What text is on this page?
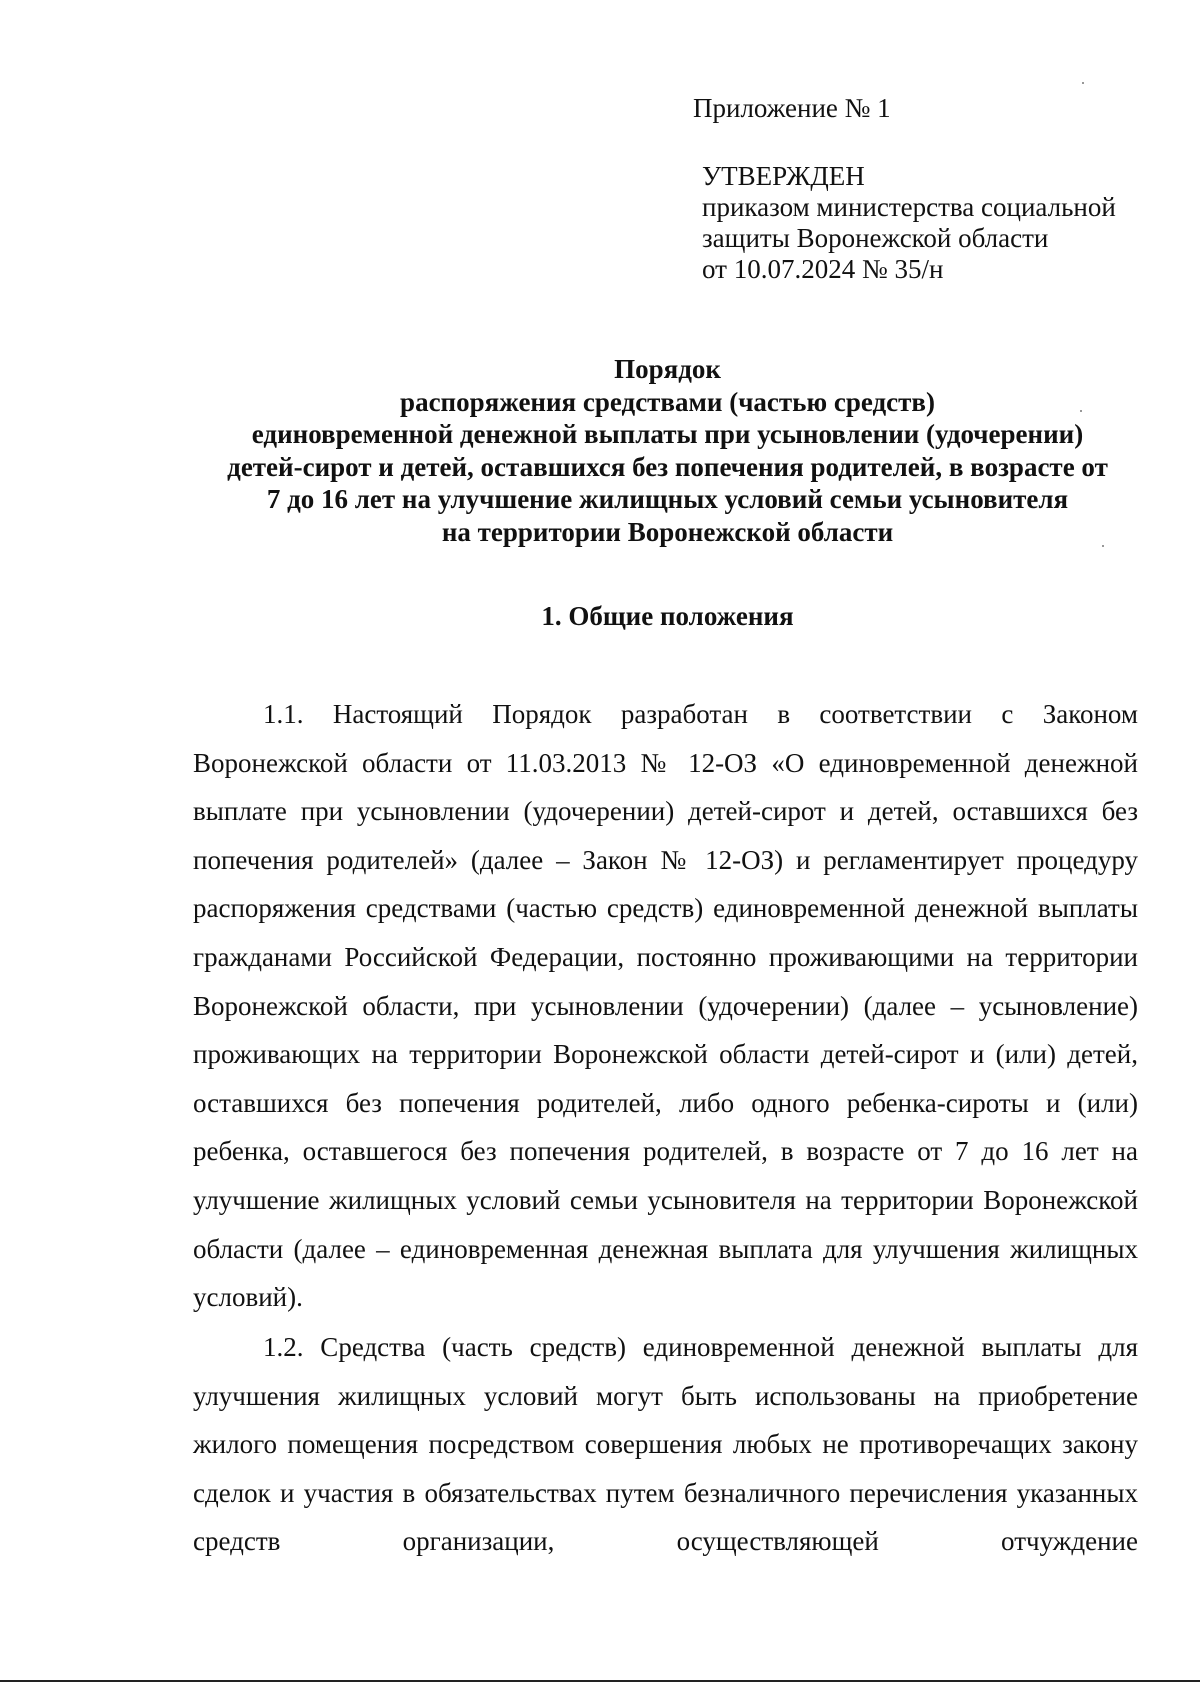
Приложение № 1
УТВЕРЖДЕН
приказом министерства социальной
защиты Воронежской области
от 10.07.2024 № 35/н
Порядок
распоряжения средствами (частью средств)
единовременной денежной выплаты при усыновлении (удочерении)
детей-сирот и детей, оставшихся без попечения родителей, в возрасте от
7 до 16 лет на улучшение жилищных условий семьи усыновителя
на территории Воронежской области
1. Общие положения

1.1. Настоящий Порядок разработан в соответствии с Законом Воронежской области от 11.03.2013 № 12-ОЗ «О единовременной денежной выплате при усыновлении (удочерении) детей-сирот и детей, оставшихся без попечения родителей» (далее – Закон № 12-ОЗ) и регламентирует процедуру распоряжения средствами (частью средств) единовременной денежной выплаты гражданами Российской Федерации, постоянно проживающими на территории Воронежской области, при усыновлении (удочерении) (далее – усыновление) проживающих на территории Воронежской области детей-сирот и (или) детей, оставшихся без попечения родителей, либо одного ребенка-сироты и (или) ребенка, оставшегося без попечения родителей, в возрасте от 7 до 16 лет на улучшение жилищных условий семьи усыновителя на территории Воронежской области (далее – единовременная денежная выплата для улучшения жилищных условий).

1.2. Средства (часть средств) единовременной денежной выплаты для улучшения жилищных условий могут быть использованы на приобретение жилого помещения посредством совершения любых не противоречащих закону сделок и участия в обязательствах путем безналичного перечисления указанных средств организации, осуществляющей отчуждение
